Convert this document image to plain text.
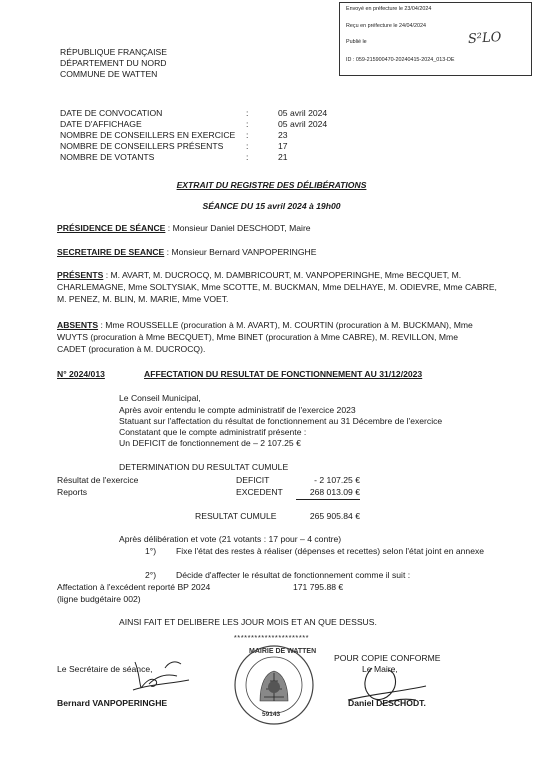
Envoyé en préfecture le 23/04/2024
Reçu en préfecture le 24/04/2024
Publié le
ID : 059-215900470-20240415-2024_013-DE
S²LO
RÉPUBLIQUE FRANÇAISE
DÉPARTEMENT DU NORD
COMMUNE DE WATTEN
DATE DE CONVOCATION	:	05 avril 2024
DATE D'AFFICHAGE	:	05 avril 2024
NOMBRE DE CONSEILLERS EN EXERCICE :	23
NOMBRE DE CONSEILLERS PRÉSENTS	:	17
NOMBRE DE VOTANTS	:	21
EXTRAIT DU REGISTRE DES DÉLIBÉRATIONS
SÉANCE DU 15 avril 2024 à 19h00
PRÉSIDENCE DE SÉANCE : Monsieur Daniel DESCHODT, Maire
SECRETAIRE DE SEANCE : Monsieur Bernard VANPOPERINGHE
PRÉSENTS : M. AVART, M. DUCROCQ, M. DAMBRICOURT, M. VANPOPERINGHE, Mme BECQUET, M.
CHARLEMAGNE, Mme SOLTYSIAK, Mme SCOTTE, M. BUCKMAN, Mme DELHAYE, M. ODIEVRE, Mme CABRE,
M. PENEZ, M. BLIN, M. MARIE, Mme VOET.
ABSENTS : Mme ROUSSELLE (procuration à M. AVART), M. COURTIN (procuration à M. BUCKMAN), Mme
WUYTS (procuration à Mme BECQUET), Mme BINET (procuration à Mme CABRE), M. REVILLON, Mme
CADET (procuration à M. DUCROCQ).
N° 2024/013	AFFECTATION DU RESULTAT DE FONCTIONNEMENT AU 31/12/2023
Le Conseil Municipal,
Après avoir entendu le compte administratif de l'exercice 2023
Statuant sur l'affectation du résultat de fonctionnement au 31 Décembre de l'exercice
Constatant que le compte administratif présente :
Un DEFICIT de fonctionnement de – 2 107.25 €
DETERMINATION DU RESULTAT CUMULE
Résultat de l'exercice	DEFICIT	- 2 107.25 €
Reports	EXCEDENT	268 013.09 €
RESULTAT CUMULE	265 905.84 €
Après délibération et vote (21 votants : 17 pour – 4 contre)
1°) Fixe l'état des restes à réaliser (dépenses et recettes) selon l'état joint en annexe
2°) Décide d'affecter le résultat de fonctionnement comme il suit :
Affectation à l'excédent reporté BP 2024	171 795.88 €
(ligne budgétaire 002)
AINSI FAIT ET DELIBERE LES JOUR MOIS ET AN QUE DESSUS.
**********************
Le Secrétaire de séance,
Bernard VANPOPERINGHE
MAIRIE DE WATTEN
59143
POUR COPIE CONFORME
Le Maire,
Daniel DESCHODT.
